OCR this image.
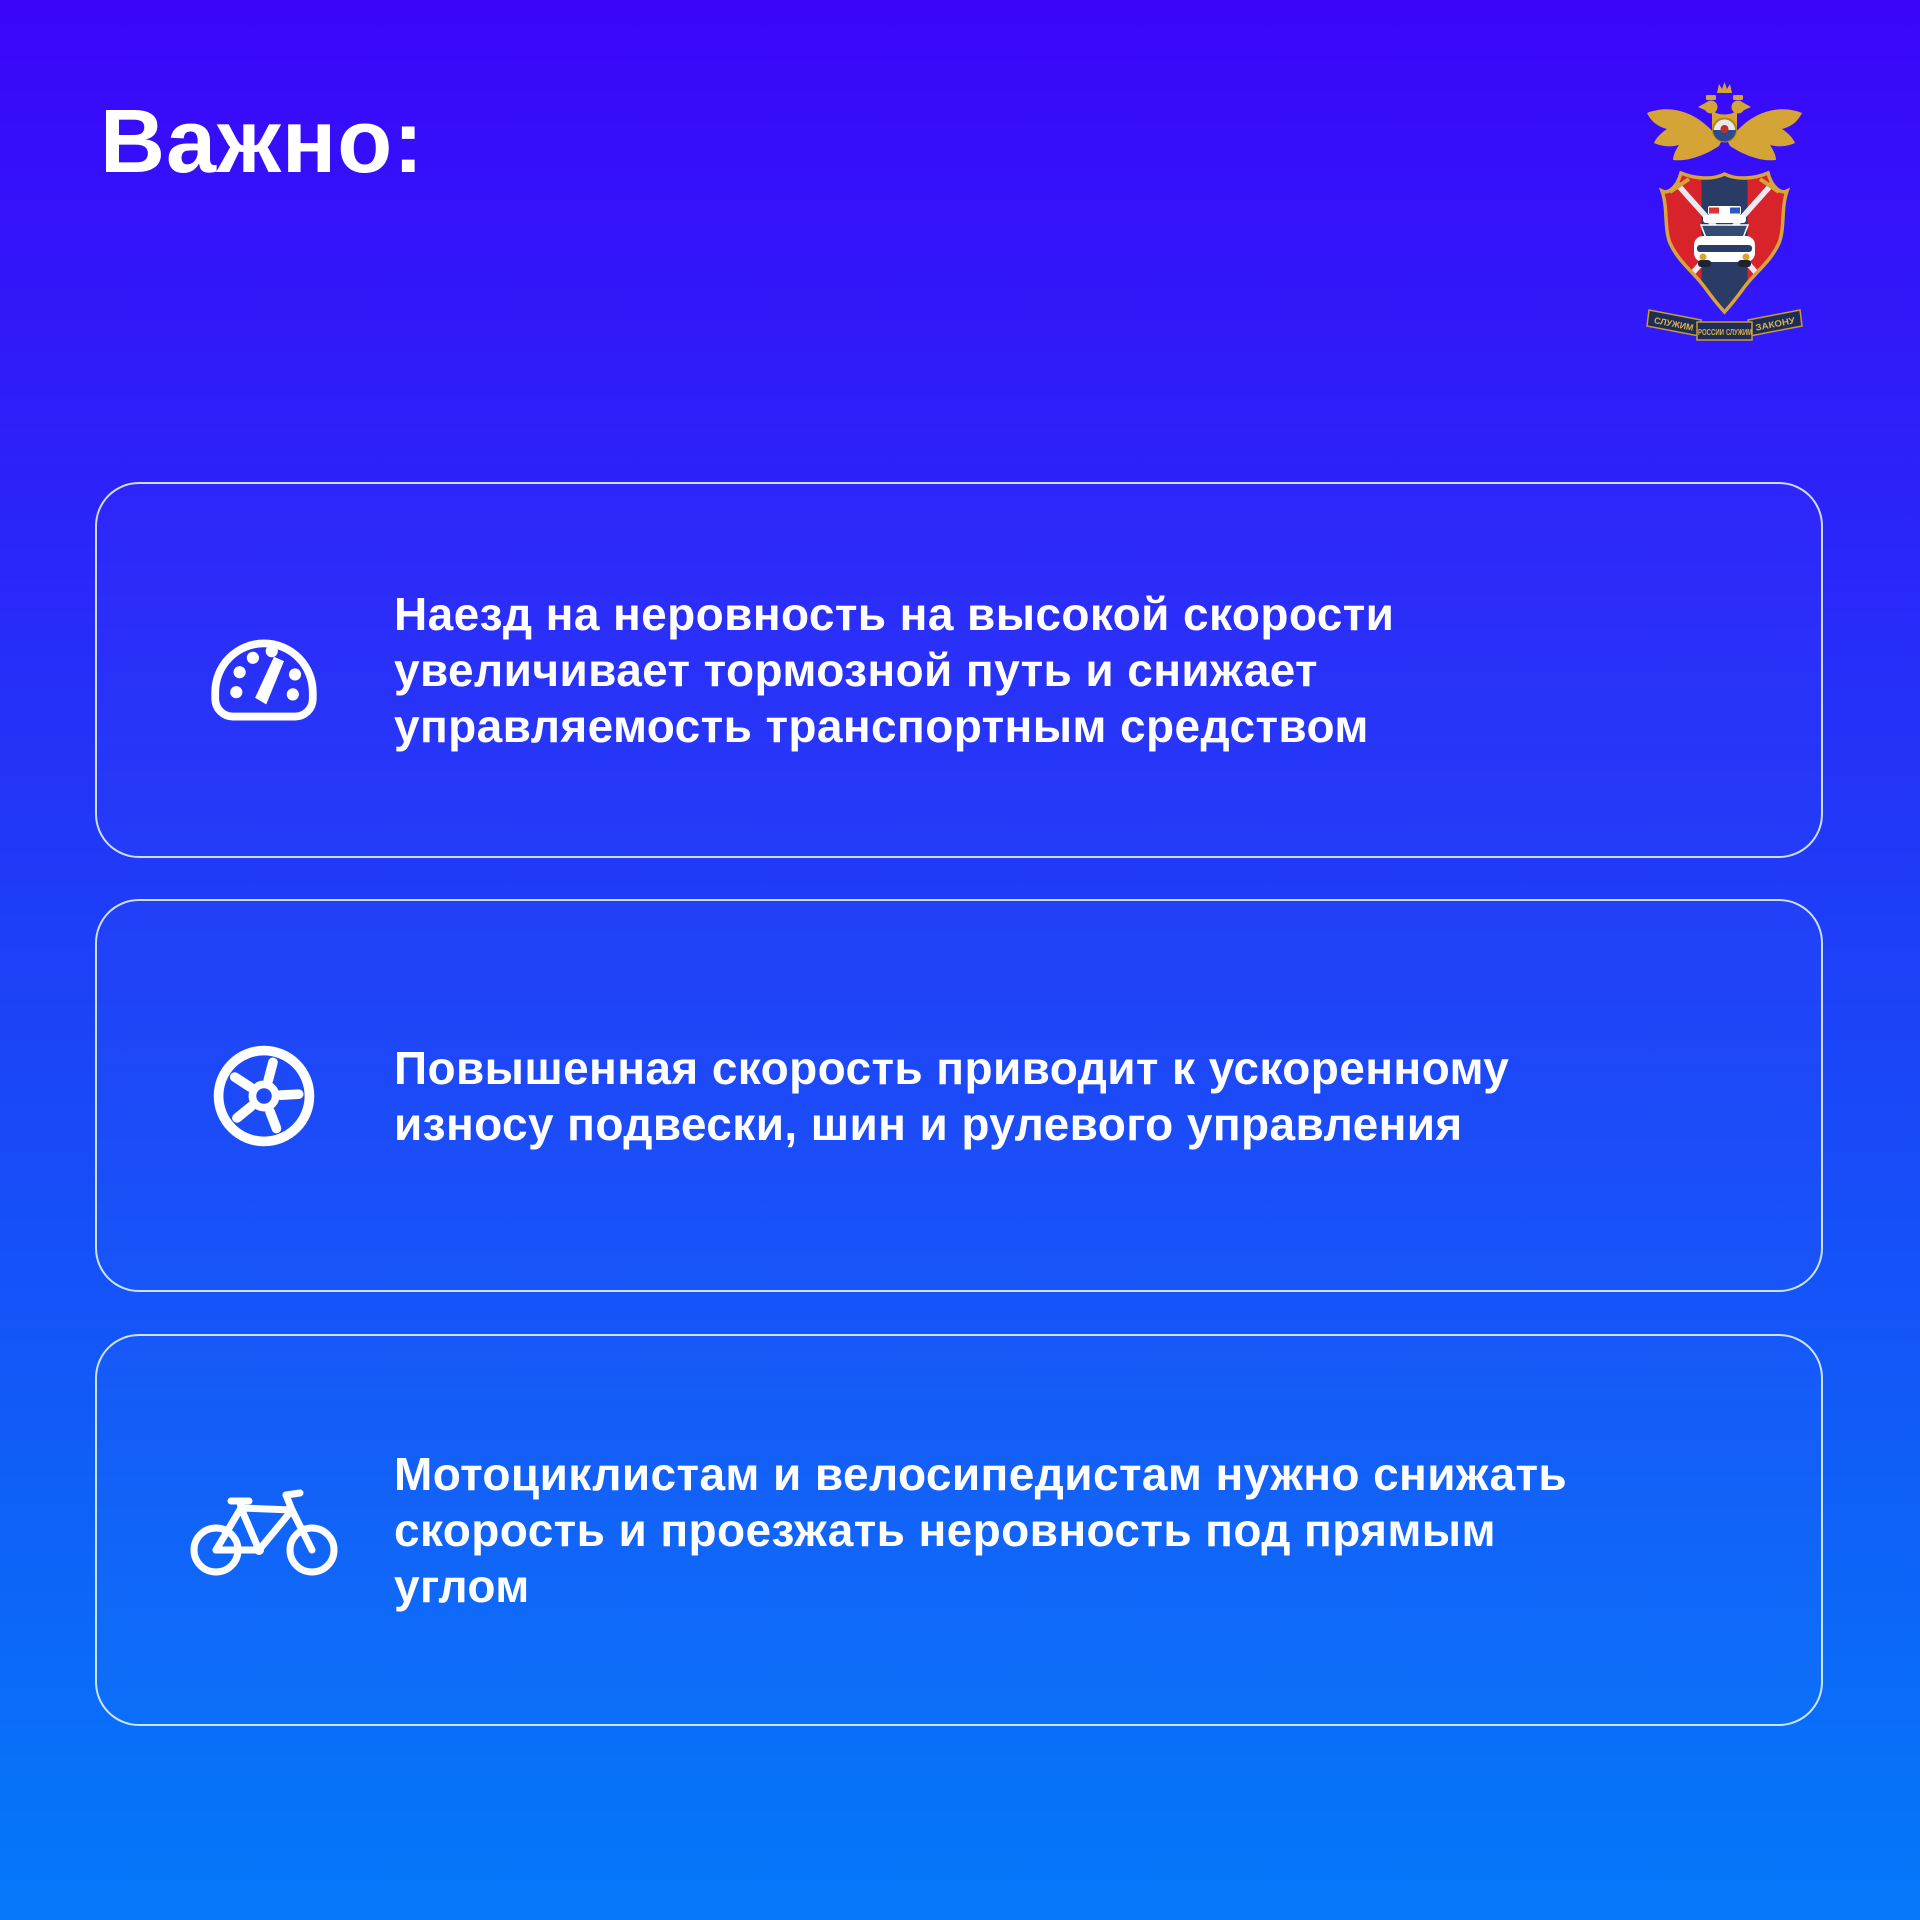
Важно:
СЛУЖИМ РОССИИ СЛУЖИМ ЗАКОНУ
Наезд на неровность на высокой скорости
увеличивает тормозной путь и снижает
управляемость транспортным средством
Повышенная скорость приводит к ускоренному
износу подвески, шин и рулевого управления
Мотоциклистам и велосипедистам нужно снижать
скорость и проезжать неровность под прямым
углом
